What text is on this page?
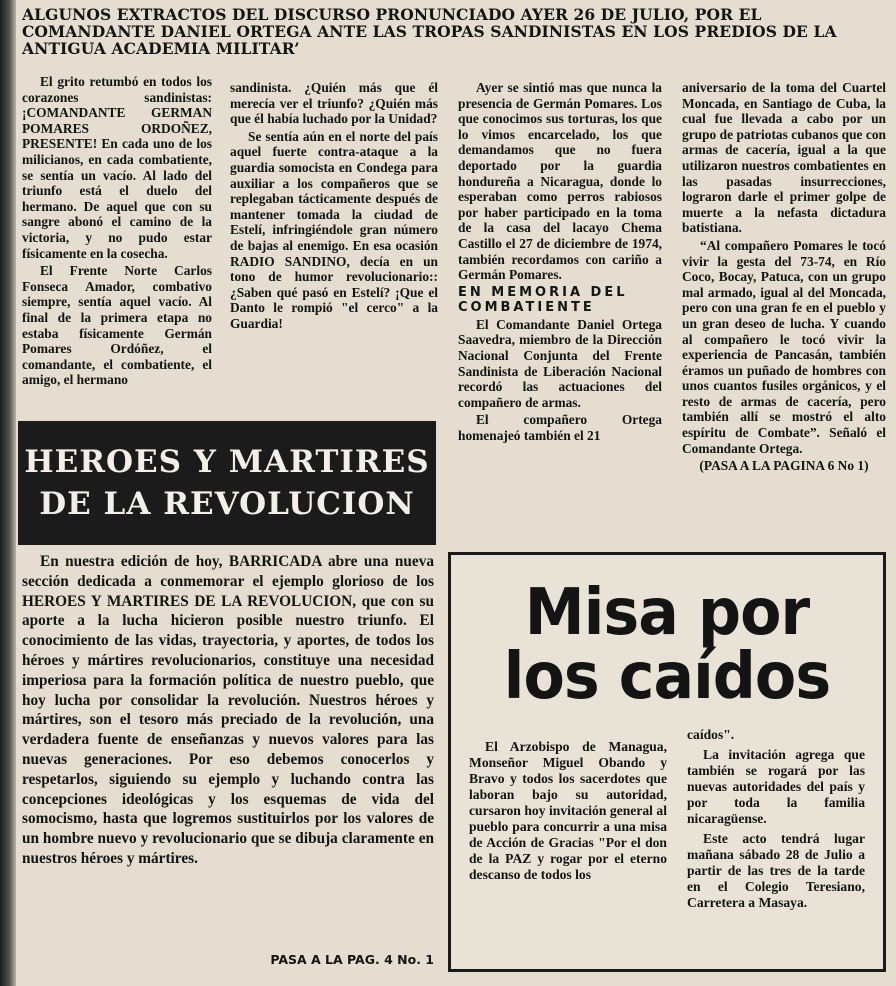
ALGUNOS EXTRACTOS DEL DISCURSO PRONUNCIADO AYER 26 DE JULIO, POR EL COMANDANTE DANIEL ORTEGA ANTE LAS TROPAS SANDINISTAS EN LOS PREDIOS DE LA ANTIGUA ACADEMIA MILITAR’

El grito retumbó en todos los corazones sandinistas: ¡COMANDANTE GERMAN POMARES ORDOÑEZ, PRESENTE! En cada uno de los milicianos, en cada combatiente, se sentía un vacío. Al lado del triunfo está el duelo del hermano. De aquel que con su sangre abonó el camino de la victoria, y no pudo estar físicamente en la cosecha.

El Frente Norte Carlos Fonseca Amador, combativo siempre, sentía aquel vacío. Al final de la primera etapa no estaba físicamente Germán Pomares Ordóñez, el comandante, el combatiente, el amigo, el hermano

sandinista. ¿Quién más que él merecía ver el triunfo? ¿Quién más que él había luchado por la Unidad?

Se sentía aún en el norte del país aquel fuerte contra-ataque a la guardia somocista en Condega para auxiliar a los compañeros que se replegaban tácticamente después de mantener tomada la ciudad de Estelí, infringiéndole gran número de bajas al enemigo. En esa ocasión RADIO SANDINO, decía en un tono de humor revolucionario:: ¿Saben qué pasó en Estelí? ¡Que el Danto le rompió "el cerco" a la Guardia!

Ayer se sintió mas que nunca la presencia de Germán Pomares. Los que conocimos sus torturas, los que lo vimos encarcelado, los que demandamos que no fuera deportado por la guardia hondureña a Nicaragua, donde lo esperaban como perros rabiosos por haber participado en la toma de la casa del lacayo Chema Castillo el 27 de diciembre de 1974, también recordamos con cariño a Germán Pomares.

EN MEMORIA DEL COMBATIENTE

El Comandante Daniel Ortega Saavedra, miembro de la Dirección Nacional Conjunta del Frente Sandinista de Liberación Nacional recordó las actuaciones del compañero de armas.

El compañero Ortega homenajeó también el 21

aniversario de la toma del Cuartel Moncada, en Santiago de Cuba, la cual fue llevada a cabo por un grupo de patriotas cubanos que con armas de cacería, igual a la que utilizaron nuestros combatientes en las pasadas insurrecciones, lograron darle el primer golpe de muerte a la nefasta dictadura batistiana.

“Al compañero Pomares le tocó vivir la gesta del 73-74, en Río Coco, Bocay, Patuca, con un grupo mal armado, igual al del Moncada, pero con una gran fe en el pueblo y un gran deseo de lucha. Y cuando al compañero le tocó vivir la experiencia de Pancasán, también éramos un puñado de hombres con unos cuantos fusiles orgánicos, y el resto de armas de cacería, pero también allí se mostró el alto espíritu de Combate”. Señaló el Comandante Ortega.

(PASA A LA PAGINA 6 No 1)

HEROES Y MARTIRES
DE LA REVOLUCION

En nuestra edición de hoy, BARRICADA abre una nueva sección dedicada a conmemorar el ejemplo glorioso de los HEROES Y MARTIRES DE LA REVOLUCION, que con su aporte a la lucha hicieron posible nuestro triunfo. El conocimiento de las vidas, trayectoria, y aportes, de todos los héroes y mártires revolucionarios, constituye una necesidad imperiosa para la formación política de nuestro pueblo, que hoy lucha por consolidar la revolución. Nuestros héroes y mártires, son el tesoro más preciado de la revolución, una verdadera fuente de enseñanzas y nuevos valores para las nuevas generaciones. Por eso debemos conocerlos y respetarlos, siguiendo su ejemplo y luchando contra las concepciones ideológicas y los esquemas de vida del somocismo, hasta que logremos sustituirlos por los valores de un hombre nuevo y revolucionario que se dibuja claramente en nuestros héroes y mártires.

PASA A LA PAG. 4 No. 1

Misa por
los caídos

El Arzobispo de Managua, Monseñor Miguel Obando y Bravo y todos los sacerdotes que laboran bajo su autoridad, cursaron hoy invitación general al pueblo para concurrir a una misa de Acción de Gracias "Por el don de la PAZ y rogar por el eterno descanso de todos los

caídos".

La invitación agrega que también se rogará por las nuevas autoridades del país y por toda la familia nicaragüense.

Este acto tendrá lugar mañana sábado 28 de Julio a partir de las tres de la tarde en el Colegio Teresiano, Carretera a Masaya.
